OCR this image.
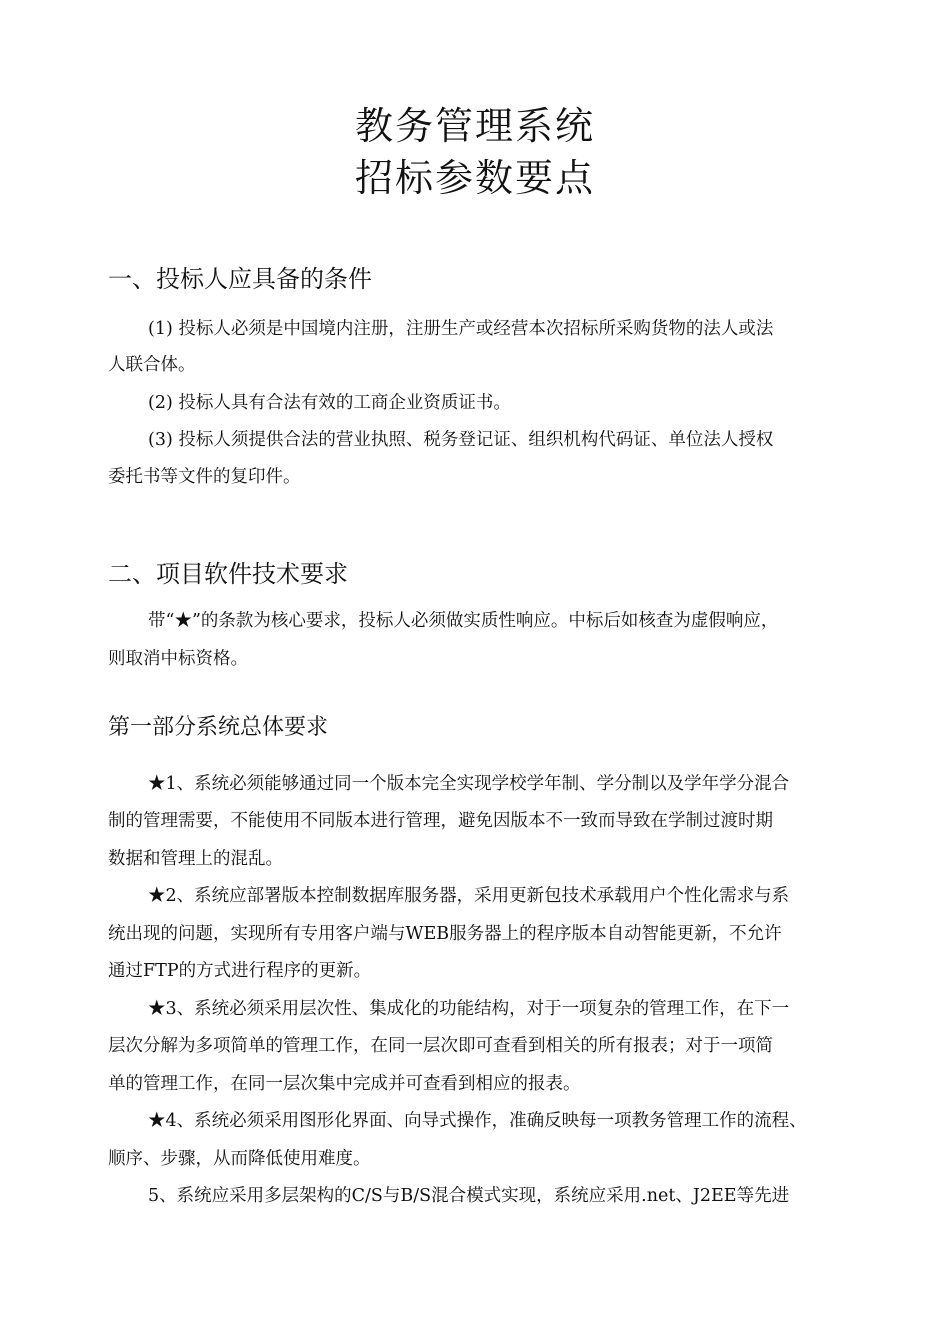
教务管理系统
招标参数要点
一、投标人应具备的条件
(1) 投标人必须是中国境内注册，注册生产或经营本次招标所采购货物的法人或法
人联合体。
(2) 投标人具有合法有效的工商企业资质证书。
(3) 投标人须提供合法的营业执照、税务登记证、组织机构代码证、单位法人授权
委托书等文件的复印件。
二、项目软件技术要求
带“★”的条款为核心要求，投标人必须做实质性响应。中标后如核查为虚假响应，
则取消中标资格。
第一部分系统总体要求
★1、系统必须能够通过同一个版本完全实现学校学年制、学分制以及学年学分混合
制的管理需要，不能使用不同版本进行管理，避免因版本不一致而导致在学制过渡时期
数据和管理上的混乱。
★2、系统应部署版本控制数据库服务器，采用更新包技术承载用户个性化需求与系
统出现的问题，实现所有专用客户端与WEB服务器上的程序版本自动智能更新，不允许
通过FTP的方式进行程序的更新。
★3、系统必须采用层次性、集成化的功能结构，对于一项复杂的管理工作，在下一
层次分解为多项简单的管理工作，在同一层次即可查看到相关的所有报表；对于一项简
单的管理工作，在同一层次集中完成并可查看到相应的报表。
★4、系统必须采用图形化界面、向导式操作，准确反映每一项教务管理工作的流程、
顺序、步骤，从而降低使用难度。
5、系统应采用多层架构的C/S与B/S混合模式实现，系统应采用.net、J2EE等先进
